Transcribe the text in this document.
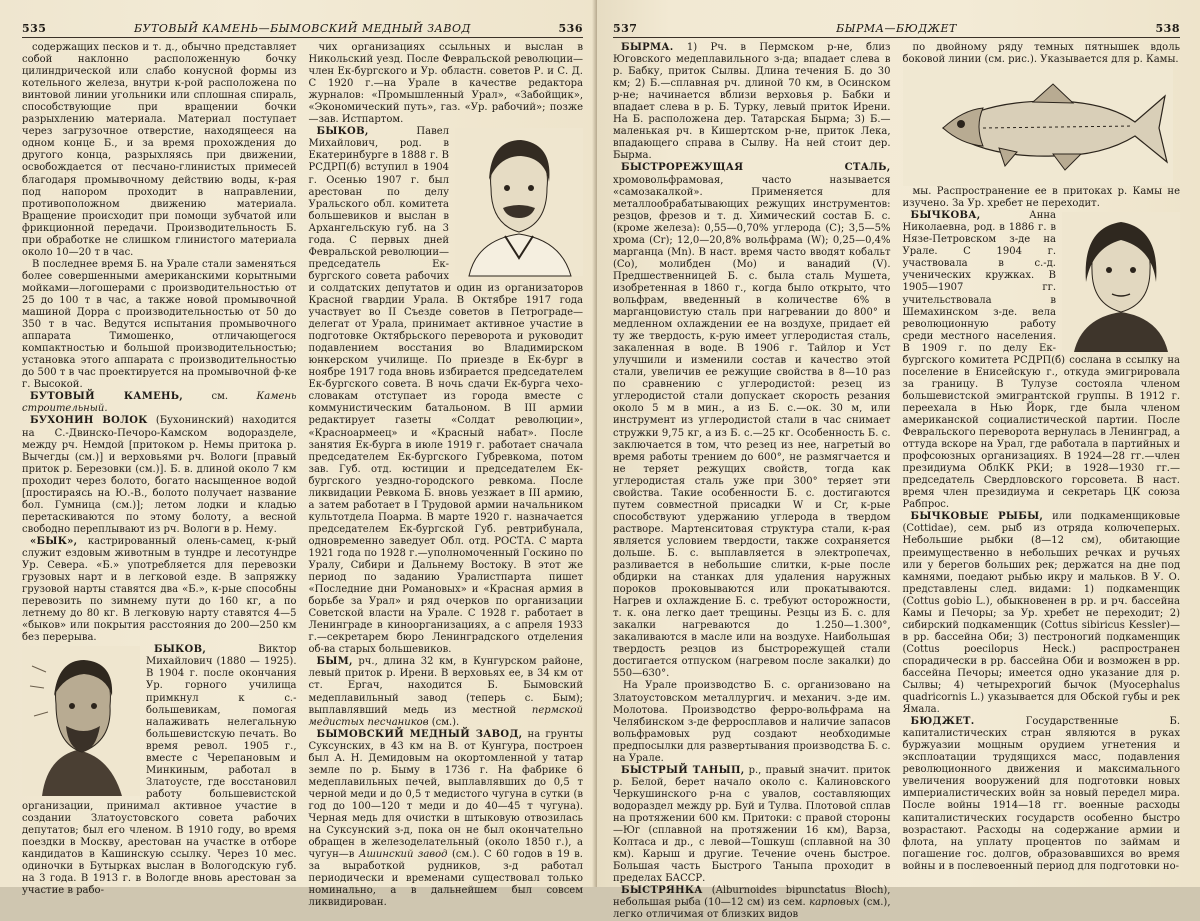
535	БУТОВЫЙ КАМЕНЬ—БЫМОВСКИЙ МЕДНЫЙ ЗАВОД	536

содержащих песков и т. д., обычно представляет собой наклонно расположенную бочку цилиндрической или слабо конусной формы из котельного железа, внутри к-рой расположена по винтовой линии угольники или сплошная спираль, способствующие при вращении бочки разрыхлению материала. Материал поступает через загрузочное отверстие, находящееся на одном конце Б., и за время прохождения до другого конца, разрыхляясь при движении, освобождается от песчано-глинистых примесей благодаря промывочному действию воды, к-рая под напором проходит в направлении, противоположном движению материала. Вращение происходит при помощи зубчатой или фрикционной передачи. Производительность Б. при обработке не слишком глинистого материала около 10—20 т в час.

В последнее время Б. на Урале стали заменяться более совершенными американскими корытными мойками—логошерами с производительностью от 25 до 100 т в час, а также новой промывочной машиной Дорра с производительностью от 50 до 350 т в час. Ведутся испытания промывочного аппарата Тимошенко, отличающегося компактностью и большой производительностью; установка этого аппарата с производительностью до 500 т в час проектируется на промывочной ф-ке г. Высокой.

БУТОВЫЙ КАМЕНЬ, см. Камень строительный.

БУХОНИН ВОЛОК (Бухонинский) находится на С.-Двинско-Печоро-Камском водоразделе, между рч. Немдой [притоком р. Немы притока р. Вычегды (см.)] и верховьями рч. Вологи [правый приток р. Березовки (см.)]. Б. в. длиной около 7 км проходит через болото, богато насыщенное водой [простираясь на Ю.-В., болото получает название бол. Гумница (см.)]; летом лодки и кладью перетаскиваются по этому болоту, а весной свободно переплывают из рч. Вологи в р. Нему.

«БЫК», кастрированный олень-самец, к-рый служит ездовым животным в тундре и лесотундре Ур. Севера. «Б.» употребляется для перевозки грузовых нарт и в легковой езде. В запряжку грузовой нарты ставятся два «Б.», к-рые способны перевозить по зимнему пути до 160 кг, а по летнему до 80 кг. В легковую нарту ставятся 4—5 «быков» или покрытия расстояния до 200—250 км без перерыва.

БЫКОВ, Виктор Михайлович (1880 — 1925). В 1904 г. после окончания Ур. горного училища примкнул к с.-большевикам, помогая налаживать нелегальную большевистскую печать. Во время револ. 1905 г., вместе с Черепановым и Минкиным, работал в Златоусте, где восстановил работу большевистской организации, принимал активное участие в создании Златоустовского совета рабочих депутатов; был его членом. В 1910 году, во время поездки в Москву, арестован на участке в отборе кандидатов в Кашинскую ссылку. Через 10 мес. одиночки в Бутырках выслан в Вологодскую губ. на 3 года. В 1913 г. в Вологде вновь арестован за участие в рабо-

чих организациях ссыльных и выслан в Никольский уезд. После Февральской революции—член Ек-бургского и Ур. областн. советов Р. и С. Д. С 1920 г.—на Урале в качестве редактора журналов: «Промышленный Урал», «Забойщик», «Экономический путь», газ. «Ур. рабочий»; позже—зав. Истпартом.

БЫКОВ, Павел Михайлович, род. в Екатеринбурге в 1888 г. В РСДРП(б) вступил в 1904 г. Осенью 1907 г. был арестован по делу Уральского обл. комитета большевиков и выслан в Архангельскую губ. на 3 года. С первых дней Февральской революции—председатель Ек-бургского совета рабочих и солдатских депутатов и один из организаторов Красной гвардии Урала. В Октябре 1917 года участвует во II Съезде советов в Петрограде—делегат от Урала, принимает активное участие в подготовке Октябрьского переворота и руководит подавлением восстания во Владимирском юнкерском училище. По приезде в Ек-бург в ноябре 1917 года вновь избирается председателем Ек-бургского совета. В ночь сдачи Ек-бурга чехо-словакам отступает из города вместе с коммунистическим батальоном. В III армии редактирует газеты «Солдат революции», «Красноармеец» и «Красный набат». После занятия Ек-бурга в июле 1919 г. работает сначала председателем Ек-бургского Губревкома, потом зав. Губ. отд. юстиции и председателем Ек-бургского уездно-городского ревкома. После ликвидации Ревкома Б. вновь уезжает в III армию, а затем работает в I Трудовой армии начальником культотдела Поарма. В марте 1920 г. назначается председателем Ек-бургской Губ. ревтрибунала, одновременно заведует Обл. отд. РОСТА. С марта 1921 года по 1928 г.—уполномоченный Госкино по Уралу, Сибири и Дальнему Востоку. В этот же период по заданию Уралистпарта пишет «Последние дни Романовых» и «Красная армия в борьбе за Урал» и ряд очерков по организации Советской власти на Урале. С 1928 г. работает в Ленинграде в кинoорганизациях, а с апреля 1933 г.—секретарем бюро Ленинградского отделения об-ва старых большевиков.

БЫМ, рч., длина 32 км, в Кунгурском районе, левый приток р. Ирени. В верховьях ее, в 34 км от ст. Ергач, находится Б. Бымовский медеплавильный завод (теперь с. Бым); выплавлявший медь из местной пермской медистых песчаников (см.).

БЫМОВСКИЙ МЕДНЫЙ ЗАВОД, на грунты Суксунских, в 43 км на В. от Кунгура, построен был А. Н. Демидовым на окортомленной у татар земле по р. Быму в 1736 г. На фабрике 6 медеплавильных печей, выплавлявших до 0,5 т черной меди и до 0,5 т медистого чугуна в сутки (в год до 100—120 т меди и до 40—45 т чугуна). Черная медь для очистки в штыковую отвозилась на Суксунский з-д, пока он не был окончательно обращен в железоделательный (около 1850 г.), а чугун—в Ашинский завод (см.). С 60 годов в 19 в. за выработкой рудников, з-д работал периодически и временами существовал только номинально, а в дальнейшем был совсем ликвидирован.

537	БЫРМА—БЮДЖЕТ	538

БЫРМА. 1) Рч. в Пермском р-не, близ Юговского медеплавильного з-да; впадает слева в р. Бабку, приток Сылвы. Длина течения Б. до 30 км; 2) Б.—сплавная рч. длиной 70 км, в Осинском р-не; начинается вблизи верховья р. Бабки и впадает слева в р. Б. Турку, левый приток Ирени. На Б. расположена дер. Татарская Бырма; 3) Б.—маленькая рч. в Кишертском р-не, приток Лека, впадающего справа в Сылву. На ней стоит дер. Бырма.

БЫСТРОРЕЖУЩАЯ СТАЛЬ, хромовольфрамовая, часто называется «самозакалкой». Применяется для металлообрабатывающих режущих инструментов: резцов, фрезов и т. д. Химический состав Б. с. (кроме железа): 0,55—0,70% углерода (C); 3,5—5% хрома (Cr); 12,0—20,8% вольфрама (W); 0,25—0,4% марганца (Mn). В наст. время часто вводят кобальт (Co), молибден (Mo) и ванадий (V). Предшественницей Б. с. была сталь Мушета, изобретенная в 1860 г., когда было открыто, что вольфрам, введенный в количестве 6% в марганцовистую сталь при нагревании до 800° и медленном охлаждении ее на воздухе, придает ей ту же твердость, к-рую имеет углеродистая сталь, закаленная в воде. В 1906 г. Тайлор и Уст улучшили и изменили состав и качество этой стали, увеличив ее режущие свойства в 8—10 раз по сравнению с углеродистой: резец из углеродистой стали допускает скорость резания около 5 м в мин., а из Б. с.—ок. 30 м, или инструмент из углеродистой стали в час снимает стружки 9,75 кг, а из Б. с.—25 кг. Особенность Б. с. заключается в том, что резец из нее, нагретый во время работы трением до 600°, не размягчается и не теряет режущих свойств, тогда как углеродистая сталь уже при 300° теряет эти свойства. Такие особенности Б. с. достигаются путем совместной присадки W и Cr, к-рые способствуют удержанию углерода в твердом растворе. Мартенситовая структура стали, к-рая является условием твердости, также сохраняется дольше. Б. с. выплавляется в электропечах, разливается в небольшие слитки, к-рые после обдирки на станках для удаления наружных пороков проковываются или прокатываются. Нагрев и охлаждение Б. с. требуют осторожности, т. к. она легко дает трещины. Резцы из Б. с. для закалки нагреваются до 1.250—1.300°, закаливаются в масле или на воздухе. Наибольшая твердость резцов из быстрорежущей стали достигается отпуском (нагревом после закалки) до 550—630°.

На Урале производство Б. с. организовано на Златоустовском металлургич. и механич. з-де им. Молотова. Производство ферро-вольфрама на Челябинском з-де ферросплавов и наличие запасов вольфрамовых руд создают необходимые предпосылки для развертывания производства Б. с. на Урале.

БЫСТРЫЙ ТАНЫП, р., правый значит. приток р. Белой, берет начало около с. Калиновского Черкушинского р-на с увалов, составляющих водораздел между рр. Буй и Тулва. Плотовой сплав на протяжении 600 км. Притоки: с правой стороны—Юг (сплавной на протяжении 16 км), Варза, Колтаса и др., с левой—Тошкуш (сплавной на 30 км). Карыш и другие. Течение очень быстрое. Большая часть Быстрого Таныпа проходит в пределах БАССР.

БЫСТРЯНКА (Alburnoides bipunctatus Bloch), небольшая рыба (10—12 см) из сем. карповых (см.), легко отличимая от близких видов

по двойному ряду темных пятнышек вдоль боковой линии (см. рис.). Указывается для р. Камы.

мы. Распространение ее в притоках р. Камы не изучено. За Ур. хребет не переходит.

БЫЧКОВА, Анна Николаевна, род. в 1886 г. в Нязе-Петровском з-де на Урале. С 1904 г. участвовала в с.-д. ученических кружках. В 1905—1907 гг. учительствовала в Шемахинском з-де. вела революционную работу среди местного населения. В 1909 г. по делу Ек-бургского комитета РСДРП(б) сослана в ссылку на поселение в Енисейскую г., откуда эмигрировала за границу. В Тулузе состояла членом большевистской эмигрантской группы. В 1912 г. переехала в Нью Йорк, где была членом американской социалистической партии. После Февральского переворота вернулась в Ленинград, а оттуда вскоре на Урал, где работала в партийных и профсоюзных организациях. В 1924—28 гг.—член президиума ОблКК РКИ; в 1928—1930 гг.—председатель Свердловского горсовета. В наст. время член президиума и секретарь ЦК союза Рабпрос.

БЫЧКОВЫЕ РЫБЫ, или подкаменщиковые (Cottidae), сем. рыб из отряда колючеперых. Небольшие рыбки (8—12 см), обитающие преимущественно в небольших речках и ручьях или у берегов больших рек; держатся на дне под камнями, поедают рыбью икру и мальков. В У. О. представлены след. видами: 1) подкаменщик (Cottus gobio L.), обыкновенен в рр. и рч. бассейна Камы и Печоры; за Ур. хребет не переходит; 2) сибирский подкаменщик (Cottus sibiricus Kessler)—в рр. бассейна Оби; 3) пестроногий подкаменщик (Cottus poecilopus Heck.) распространен спорадически в рр. бассейна Оби и возможен в рр. бассейна Печоры; имеется одно указание для р. Сылвы; 4) четырехрогий бычок (Myocephalus quadricornis L.) указывается для Обской губы и рек Ямала.

БЮДЖЕТ. Государственные Б. капиталистических стран являются в руках буржуазии мощным орудием угнетения и эксплоатации трудящихся масс, подавления революционного движения и максимального увеличения вооружений для подготовки новых империалистических войн за новый передел мира. После войны 1914—18 гг. военные расходы капиталистических государств особенно быстро возрастают. Расходы на содержание армии и флота, на уплату процентов по займам и погашение гос. долгов, образовавшихся во время войны и в послевоенный период для подготовки но-
